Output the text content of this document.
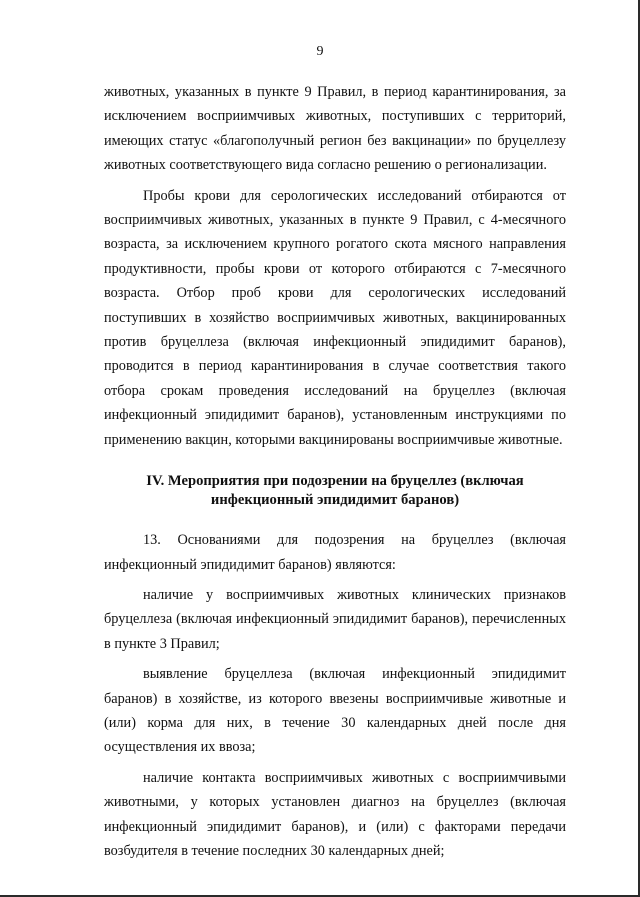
9

животных, указанных в пункте 9 Правил, в период карантинирования, за исключением восприимчивых животных, поступивших с территорий, имеющих статус «благополучный регион без вакцинации» по бруцеллезу животных соответствующего вида согласно решению о регионализации.

Пробы крови для серологических исследований отбираются от восприимчивых животных, указанных в пункте 9 Правил, с 4-месячного возраста, за исключением крупного рогатого скота мясного направления продуктивности, пробы крови от которого отбираются с 7-месячного возраста. Отбор проб крови для серологических исследований поступивших в хозяйство восприимчивых животных, вакцинированных против бруцеллеза (включая инфекционный эпидидимит баранов), проводится в период карантинирования в случае соответствия такого отбора срокам проведения исследований на бруцеллез (включая инфекционный эпидидимит баранов), установленным инструкциями по применению вакцин, которыми вакцинированы восприимчивые животные.

IV. Мероприятия при подозрении на бруцеллез (включая инфекционный эпидидимит баранов)

13. Основаниями для подозрения на бруцеллез (включая инфекционный эпидидимит баранов) являются:

наличие у восприимчивых животных клинических признаков бруцеллеза (включая инфекционный эпидидимит баранов), перечисленных в пункте 3 Правил;

выявление бруцеллеза (включая инфекционный эпидидимит баранов) в хозяйстве, из которого ввезены восприимчивые животные и (или) корма для них, в течение 30 календарных дней после дня осуществления их ввоза;

наличие контакта восприимчивых животных с восприимчивыми животными, у которых установлен диагноз на бруцеллез (включая инфекционный эпидидимит баранов), и (или) с факторами передачи возбудителя в течение последних 30 календарных дней;
